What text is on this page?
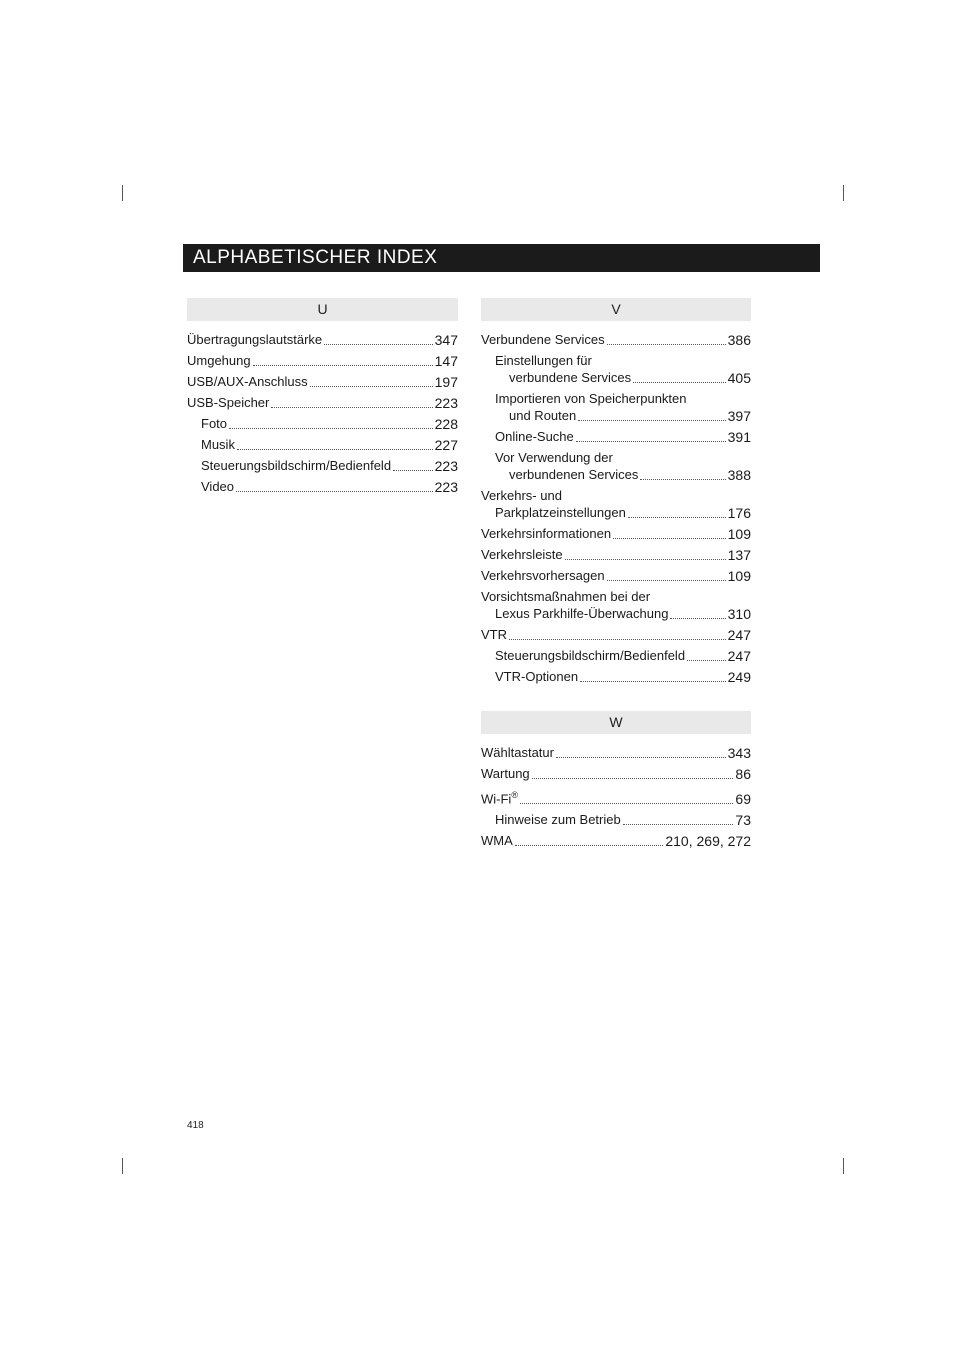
ALPHABETISCHER INDEX
U
Übertragungslautstärke	347
Umgehung	147
USB/AUX-Anschluss	197
USB-Speicher	223
Foto	228
Musik	227
Steuerungsbildschirm/Bedienfeld	223
Video	223
V
Verbundene Services	386
Einstellungen für
verbundene Services	405
Importieren von Speicherpunkten
und Routen	397
Online-Suche	391
Vor Verwendung der
verbundenen Services	388
Verkehrs- und
Parkplatzeinstellungen	176
Verkehrsinformationen	109
Verkehrsleiste	137
Verkehrsvorhersagen	109
Vorsichtsmaßnahmen bei der
Lexus Parkhilfe-Überwachung	310
VTR	247
Steuerungsbildschirm/Bedienfeld	247
VTR-Optionen	249
W
Wähltastatur	343
Wartung	86
Wi-Fi®	69
Hinweise zum Betrieb	73
WMA	210, 269, 272
418
